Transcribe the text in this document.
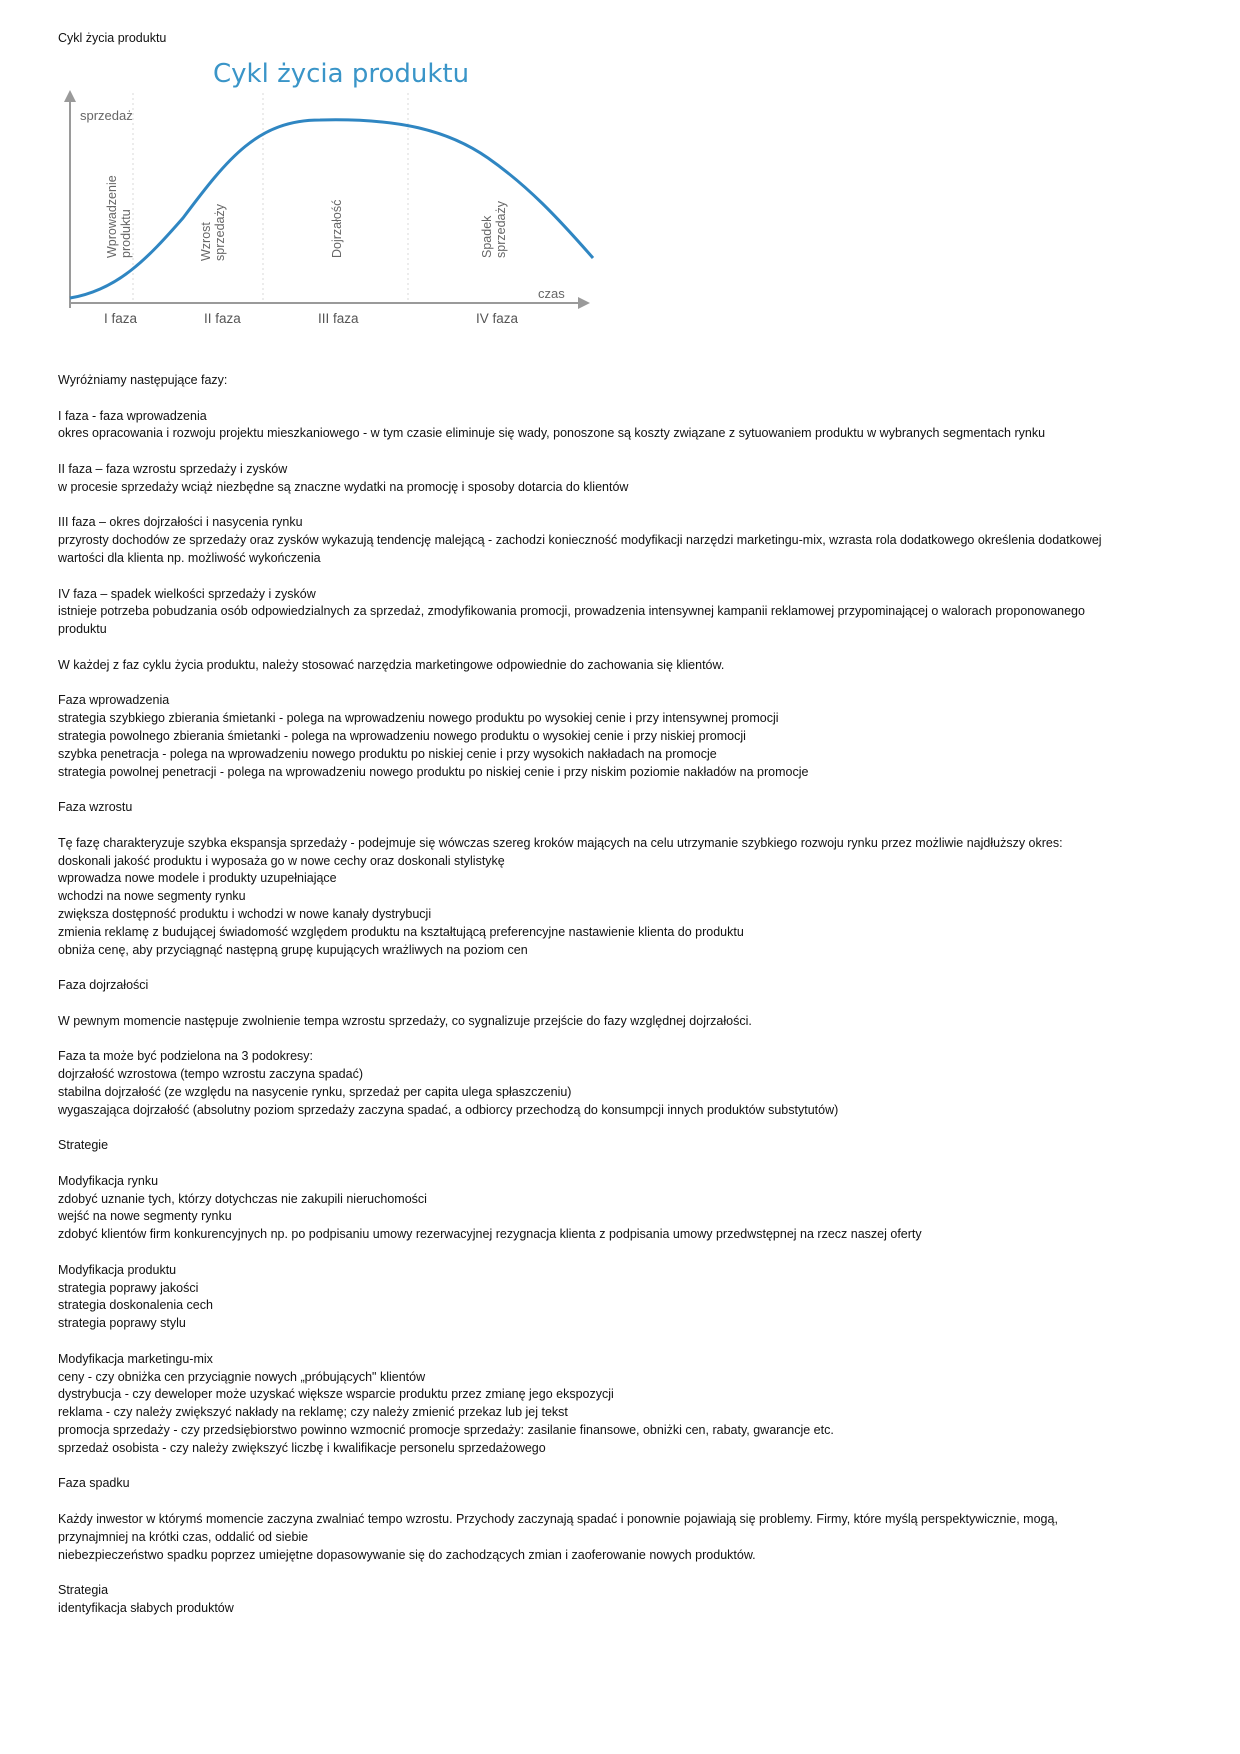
Cykl życia produktu
Cykl życia produktu
sprzedaż
czas
Wprowadzenie produktu	Wzrost sprzedaży	Dojrzałość	Spadek sprzedaży
I faza	II faza	III faza	IV faza
Wyróżniamy następujące fazy:
I faza - faza wprowadzenia
okres opracowania i rozwoju projektu mieszkaniowego - w tym czasie eliminuje się wady, ponoszone są koszty związane z sytuowaniem produktu w wybranych segmentach rynku
II faza – faza wzrostu sprzedaży i zysków
w procesie sprzedaży wciąż niezbędne są znaczne wydatki na promocję i sposoby dotarcia do klientów
III faza – okres dojrzałości i nasycenia rynku
przyrosty dochodów ze sprzedaży oraz zysków wykazują tendencję malejącą - zachodzi konieczność modyfikacji narzędzi marketingu-mix, wzrasta rola dodatkowego określenia dodatkowej
wartości dla klienta np. możliwość wykończenia
IV faza – spadek wielkości sprzedaży i zysków
istnieje potrzeba pobudzania osób odpowiedzialnych za sprzedaż, zmodyfikowania promocji, prowadzenia intensywnej kampanii reklamowej przypominającej o walorach proponowanego
produktu
W każdej z faz cyklu życia produktu, należy stosować narzędzia marketingowe odpowiednie do zachowania się klientów.
Faza wprowadzenia
strategia szybkiego zbierania śmietanki - polega na wprowadzeniu nowego produktu po wysokiej cenie i przy intensywnej promocji
strategia powolnego zbierania śmietanki - polega na wprowadzeniu nowego produktu o wysokiej cenie i przy niskiej promocji
szybka penetracja - polega na wprowadzeniu nowego produktu po niskiej cenie i przy wysokich nakładach na promocje
strategia powolnej penetracji - polega na wprowadzeniu nowego produktu po niskiej cenie i przy niskim poziomie nakładów na promocje
Faza wzrostu
Tę fazę charakteryzuje szybka ekspansja sprzedaży - podejmuje się wówczas szereg kroków mających na celu utrzymanie szybkiego rozwoju rynku przez możliwie najdłuższy okres:
doskonali jakość produktu i wyposaża go w nowe cechy oraz doskonali stylistykę
wprowadza nowe modele i produkty uzupełniające
wchodzi na nowe segmenty rynku
zwiększa dostępność produktu i wchodzi w nowe kanały dystrybucji
zmienia reklamę z budującej świadomość względem produktu na kształtującą preferencyjne nastawienie klienta do produktu
obniża cenę, aby przyciągnąć następną grupę kupujących wrażliwych na poziom cen
Faza dojrzałości
W pewnym momencie następuje zwolnienie tempa wzrostu sprzedaży, co sygnalizuje przejście do fazy względnej dojrzałości.
Faza ta może być podzielona na 3 podokresy:
dojrzałość wzrostowa (tempo wzrostu zaczyna spadać)
stabilna dojrzałość (ze względu na nasycenie rynku, sprzedaż per capita ulega spłaszczeniu)
wygaszająca dojrzałość (absolutny poziom sprzedaży zaczyna spadać, a odbiorcy przechodzą do konsumpcji innych produktów substytutów)
Strategie
Modyfikacja rynku
zdobyć uznanie tych, którzy dotychczas nie zakupili nieruchomości
wejść na nowe segmenty rynku
zdobyć klientów firm konkurencyjnych np. po podpisaniu umowy rezerwacyjnej rezygnacja klienta z podpisania umowy przedwstępnej na rzecz naszej oferty
Modyfikacja produktu
strategia poprawy jakości
strategia doskonalenia cech
strategia poprawy stylu
Modyfikacja marketingu-mix
ceny - czy obniżka cen przyciągnie nowych „próbujących" klientów
dystrybucja - czy deweloper może uzyskać większe wsparcie produktu przez zmianę jego ekspozycji
reklama - czy należy zwiększyć nakłady na reklamę; czy należy zmienić przekaz lub jej tekst
promocja sprzedaży - czy przedsiębiorstwo powinno wzmocnić promocje sprzedaży: zasilanie finansowe, obniżki cen, rabaty, gwarancje etc.
sprzedaż osobista - czy należy zwiększyć liczbę i kwalifikacje personelu sprzedażowego
Faza spadku
Każdy inwestor w którymś momencie zaczyna zwalniać tempo wzrostu. Przychody zaczynają spadać i ponownie pojawiają się problemy. Firmy, które myślą perspektywicznie, mogą,
przynajmniej na krótki czas, oddalić od siebie
niebezpieczeństwo spadku poprzez umiejętne dopasowywanie się do zachodzących zmian i zaoferowanie nowych produktów.
Strategia
identyfikacja słabych produktów
